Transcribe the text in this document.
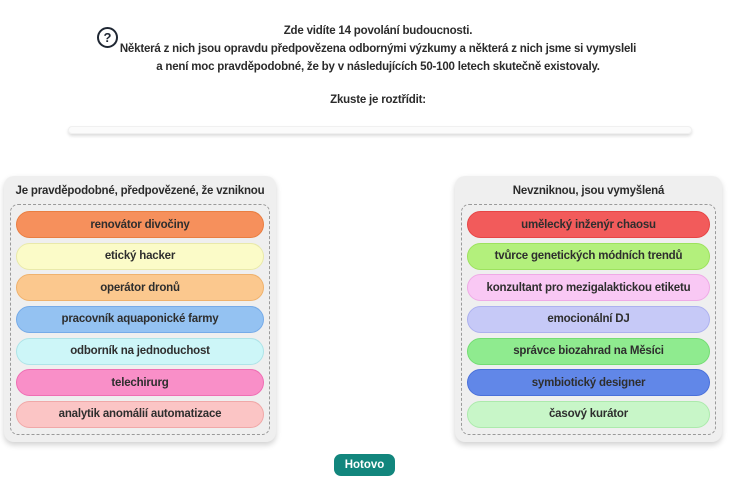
?	Zde vidíte 14 povolání budoucnosti.
Některá z nich jsou opravdu předpovězena odbornými výzkumy a některá z nich jsme si vymysleli
a není moc pravděpodobné, že by v následujících 50-100 letech skutečně existovaly.
Zkuste je roztřídit:
Je pravděpodobné, předpovězené, že vzniknou
renovátor divočiny
etický hacker
operátor dronů
pracovník aquaponické farmy
odborník na jednoduchost
telechirurg
analytik anomálií automatizace
Nevzniknou, jsou vymyšlená
umělecký inženýr chaosu
tvůrce genetických módních trendů
konzultant pro mezigalaktickou etiketu
emocionální DJ
správce biozahrad na Měsíci
symbiotický designer
časový kurátor
Hotovo
